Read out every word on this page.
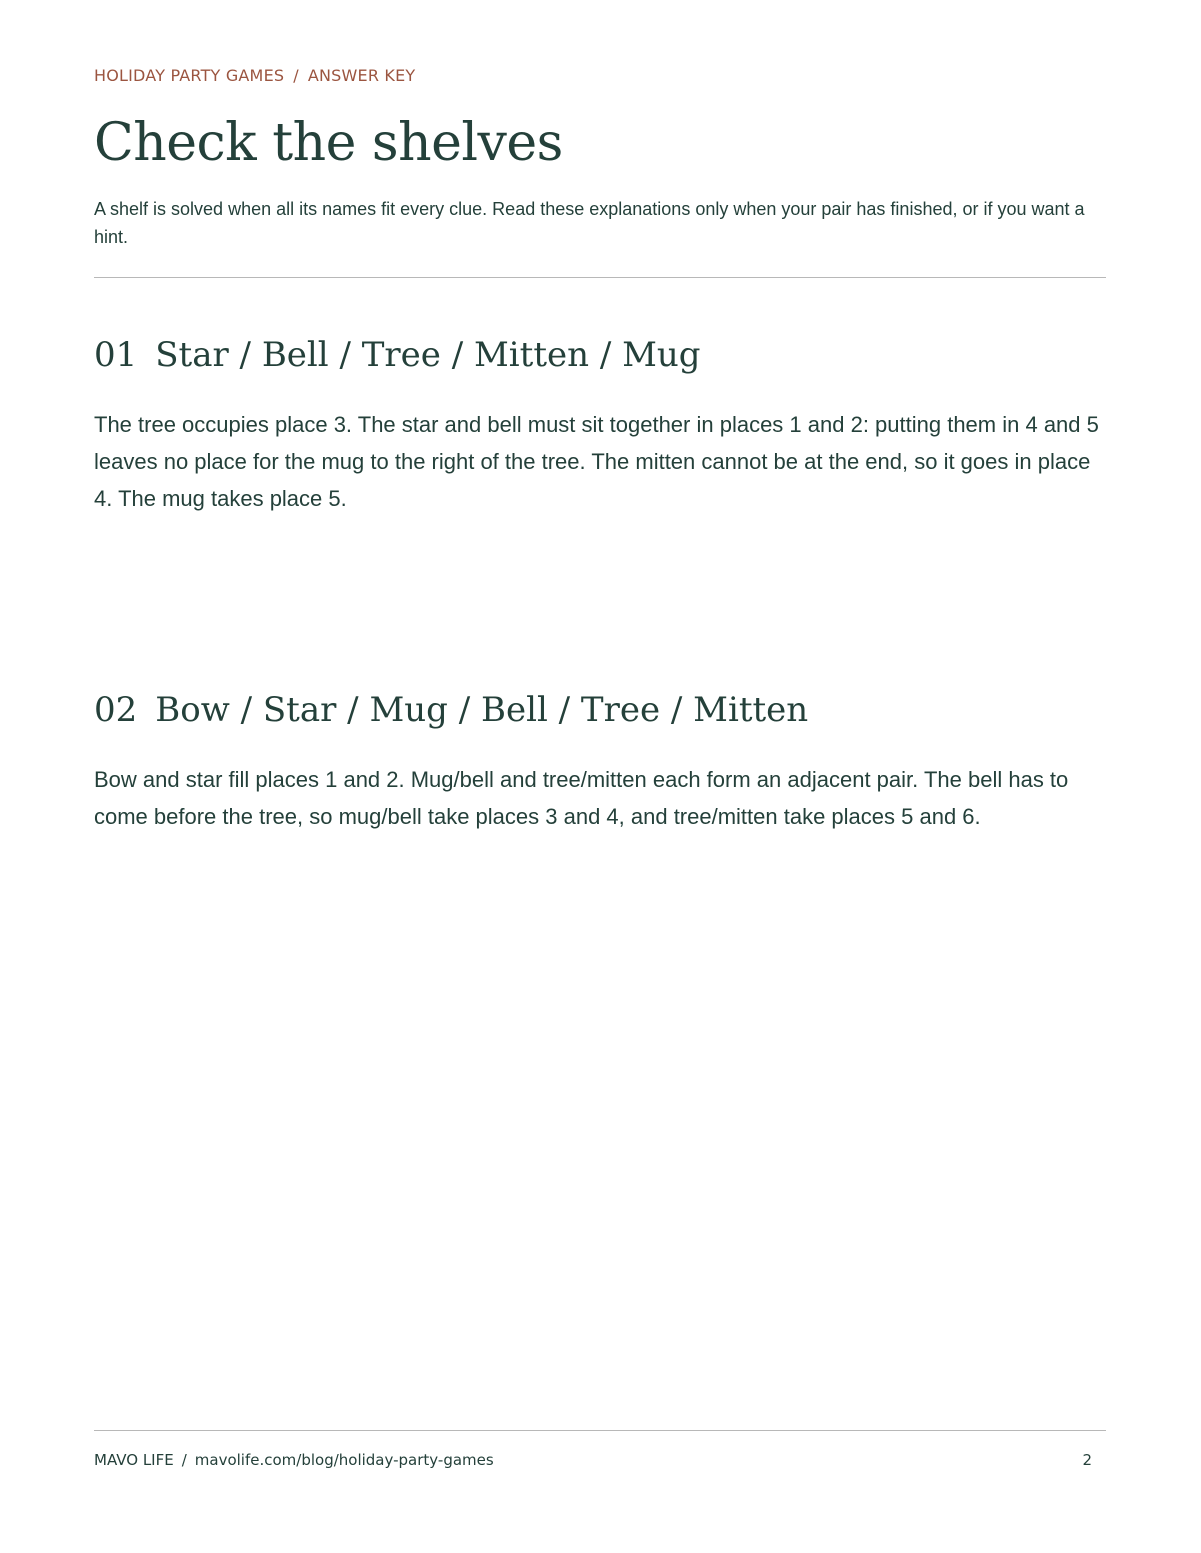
HOLIDAY PARTY GAMES / ANSWER KEY
Check the shelves

A shelf is solved when all its names fit every clue. Read these explanations only when your pair has finished, or if you want a hint.

01 Star / Bell / Tree / Mitten / Mug

The tree occupies place 3. The star and bell must sit together in places 1 and 2: putting them in 4 and 5 leaves no place for the mug to the right of the tree. The mitten cannot be at the end, so it goes in place 4. The mug takes place 5.

02 Bow / Star / Mug / Bell / Tree / Mitten

Bow and star fill places 1 and 2. Mug/bell and tree/mitten each form an adjacent pair. The bell has to come before the tree, so mug/bell take places 3 and 4, and tree/mitten take places 5 and 6.

MAVO LIFE / mavolife.com/blog/holiday-party-games	2
